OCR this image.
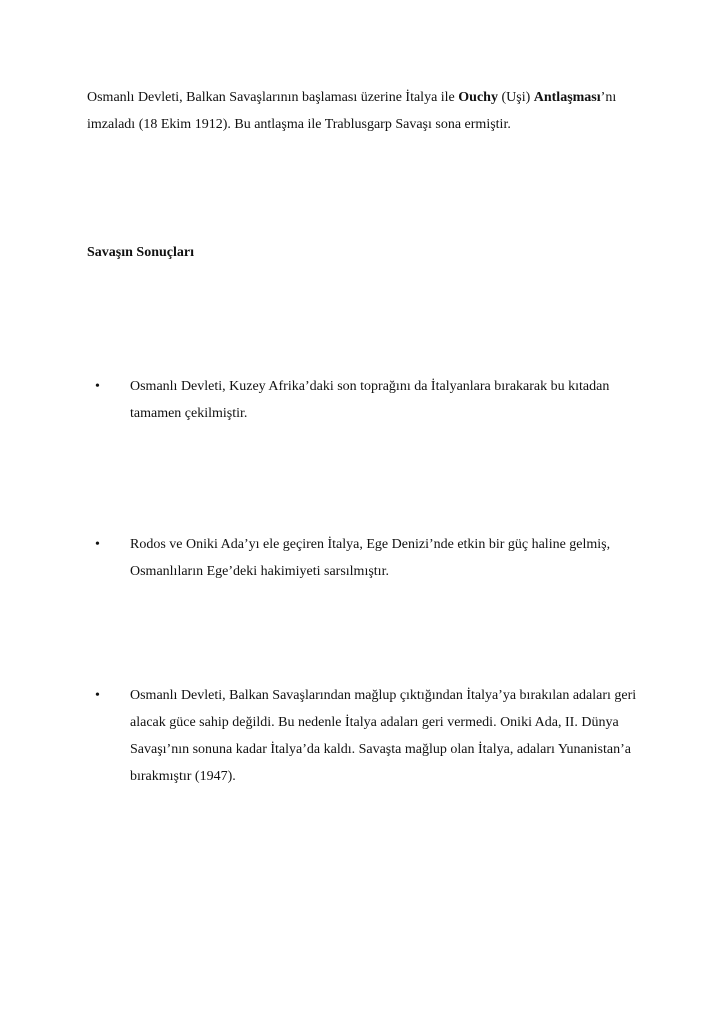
Osmanlı Devleti, Balkan Savaşlarının başlaması üzerine İtalya ile Ouchy (Uşi) Antlaşması’nı imzaladı (18 Ekim 1912). Bu antlaşma ile Trablusgarp Savaşı sona ermiştir.

Savaşın Sonuçları
•	Osmanlı Devleti, Kuzey Afrika’daki son toprağını da İtalyanlara bırakarak bu kıtadan tamamen çekilmiştir.

•	Rodos ve Oniki Ada’yı ele geçiren İtalya, Ege Denizi’nde etkin bir güç haline gelmiş, Osmanlıların Ege’deki hakimiyeti sarsılmıştır.

•	Osmanlı Devleti, Balkan Savaşlarından mağlup çıktığından İtalya’ya bırakılan adaları geri alacak güce sahip değildi. Bu nedenle İtalya adaları geri vermedi. Oniki Ada, II. Dünya Savaşı’nın sonuna kadar İtalya’da kaldı. Savaşta mağlup olan İtalya, adaları Yunanistan’a bırakmıştır (1947).
